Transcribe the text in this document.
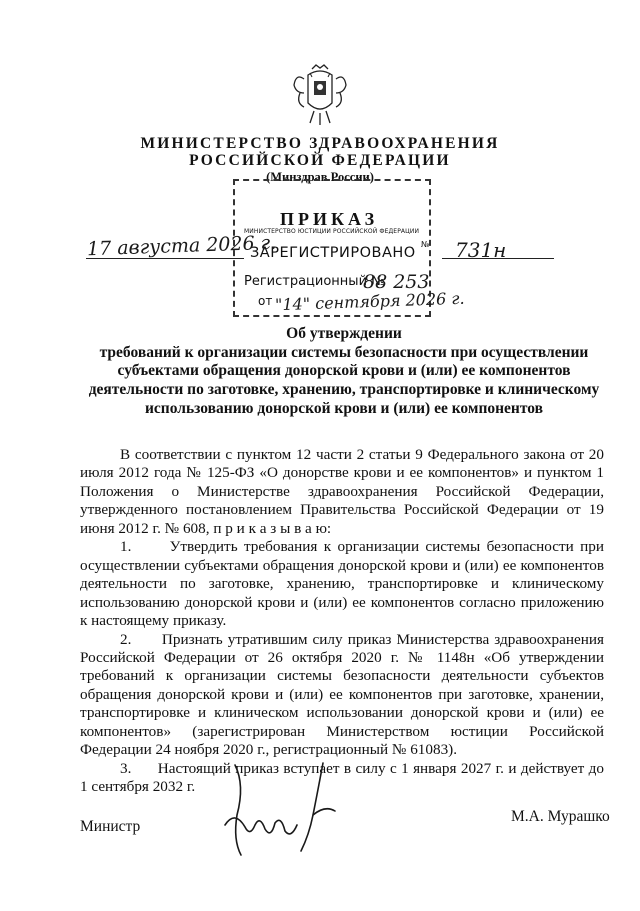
МИНИСТЕРСТВО ЗДРАВООХРАНЕНИЯ
РОССИЙСКОЙ ФЕДЕРАЦИИ
(Минздрав России)
ПРИКАЗ
МИНИСТЕРСТВО ЮСТИЦИИ РОССИЙСКОЙ ФЕДЕРАЦИИ
ЗАРЕГИСТРИРОВАНО
№
Регистрационный №
88 253
от "14" сентября 2026 г.
17 августа 2026 г.	731н
Об утверждении
требований к организации системы безопасности при осуществлении
субъектами обращения донорской крови и (или) ее компонентов
деятельности по заготовке, хранению, транспортировке и клиническому
использованию донорской крови и (или) ее компонентов

В соответствии с пунктом 12 части 2 статьи 9 Федерального закона от 20 июля 2012 года № 125-ФЗ «О донорстве крови и ее компонентов» и пунктом 1 Положения о Министерстве здравоохранения Российской Федерации, утвержденного постановлением Правительства Российской Федерации от 19 июня 2012 г. № 608, п р и к а з ы в а ю:

1.      Утвердить требования к организации системы безопасности при осуществлении субъектами обращения донорской крови и (или) ее компонентов деятельности по заготовке, хранению, транспортировке и клиническому использованию донорской крови и (или) ее компонентов согласно приложению к настоящему приказу.

2.      Признать утратившим силу приказ Министерства здравоохранения Российской Федерации от 26 октября 2020 г. № 1148н «Об утверждении требований к организации системы безопасности деятельности субъектов обращения донорской крови и (или) ее компонентов при заготовке, хранении, транспортировке и клиническом использовании донорской крови и (или) ее компонентов» (зарегистрирован Министерством юстиции Российской Федерации 24 ноября 2020 г., регистрационный № 61083).

3.      Настоящий приказ вступает в силу с 1 января 2027 г. и действует до 1 сентября 2032 г.

Министр
М.А. Мурашко
